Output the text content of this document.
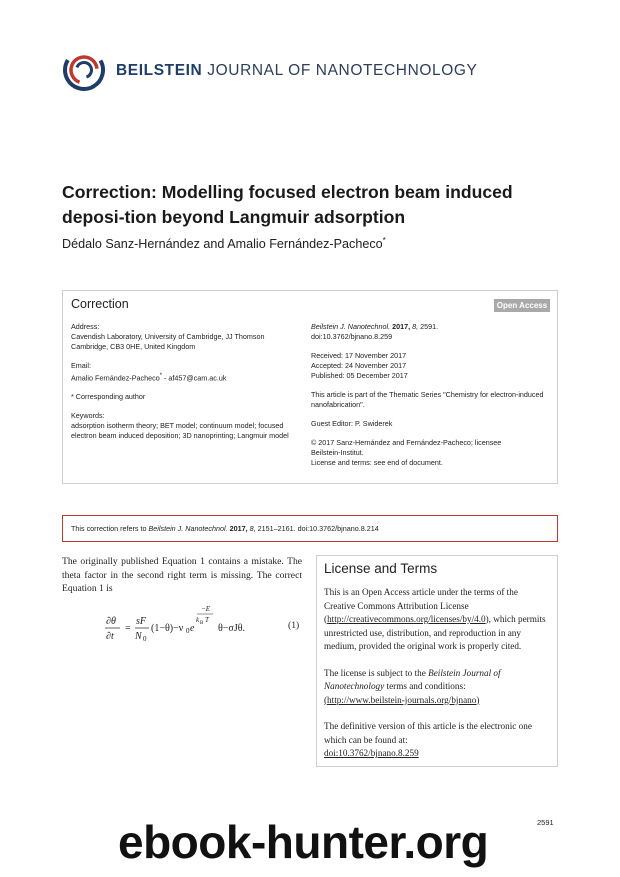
BEILSTEIN JOURNAL OF NANOTECHNOLOGY
Correction: Modelling focused electron beam induced deposi-tion beyond Langmuir adsorption
Dédalo Sanz-Hernández and Amalio Fernández-Pacheco*
Correction	Open Access
Address:
Cavendish Laboratory, University of Cambridge, JJ Thomson
Cambridge, CB3 0HE, United Kingdom
Email:
Amalio Fernández-Pacheco* - af457@cam.ac.uk
* Corresponding author
Keywords:
adsorption isotherm theory; BET model; continuum model; focused
electron beam induced deposition; 3D nanoprinting; Langmuir model
Beilstein J. Nanotechnol. 2017, 8, 2591.
doi:10.3762/bjnano.8.259
Received: 17 November 2017
Accepted: 24 November 2017
Published: 05 December 2017
This article is part of the Thematic Series "Chemistry for electron-induced
nanofabrication".
Guest Editor: P. Swiderek
© 2017 Sanz-Hernández and Fernández-Pacheco; licensee
Beilstein-Institut.
License and terms: see end of document.
This correction refers to Beilstein J. Nanotechnol. 2017, 8, 2151–2161. doi:10.3762/bjnano.8.214
The originally published Equation 1 contains a mistake. The theta factor in the second right term is missing. The correct Equation 1 is
∂θ
∂t
=
sF
N 0
(1−θ)−ν 0 e
−E
k B T
θ−σJθ.	(1)
License and Terms

This is an Open Access article under the terms of the Creative Commons Attribution License (http://creativecommons.org/licenses/by/4.0), which permits unrestricted use, distribution, and reproduction in any medium, provided the original work is properly cited.

The license is subject to the Beilstein Journal of Nanotechnology terms and conditions:
(http://www.beilstein-journals.org/bjnano)

The definitive version of this article is the electronic one which can be found at:
doi:10.3762/bjnano.8.259

2591
ebook-hunter.org
